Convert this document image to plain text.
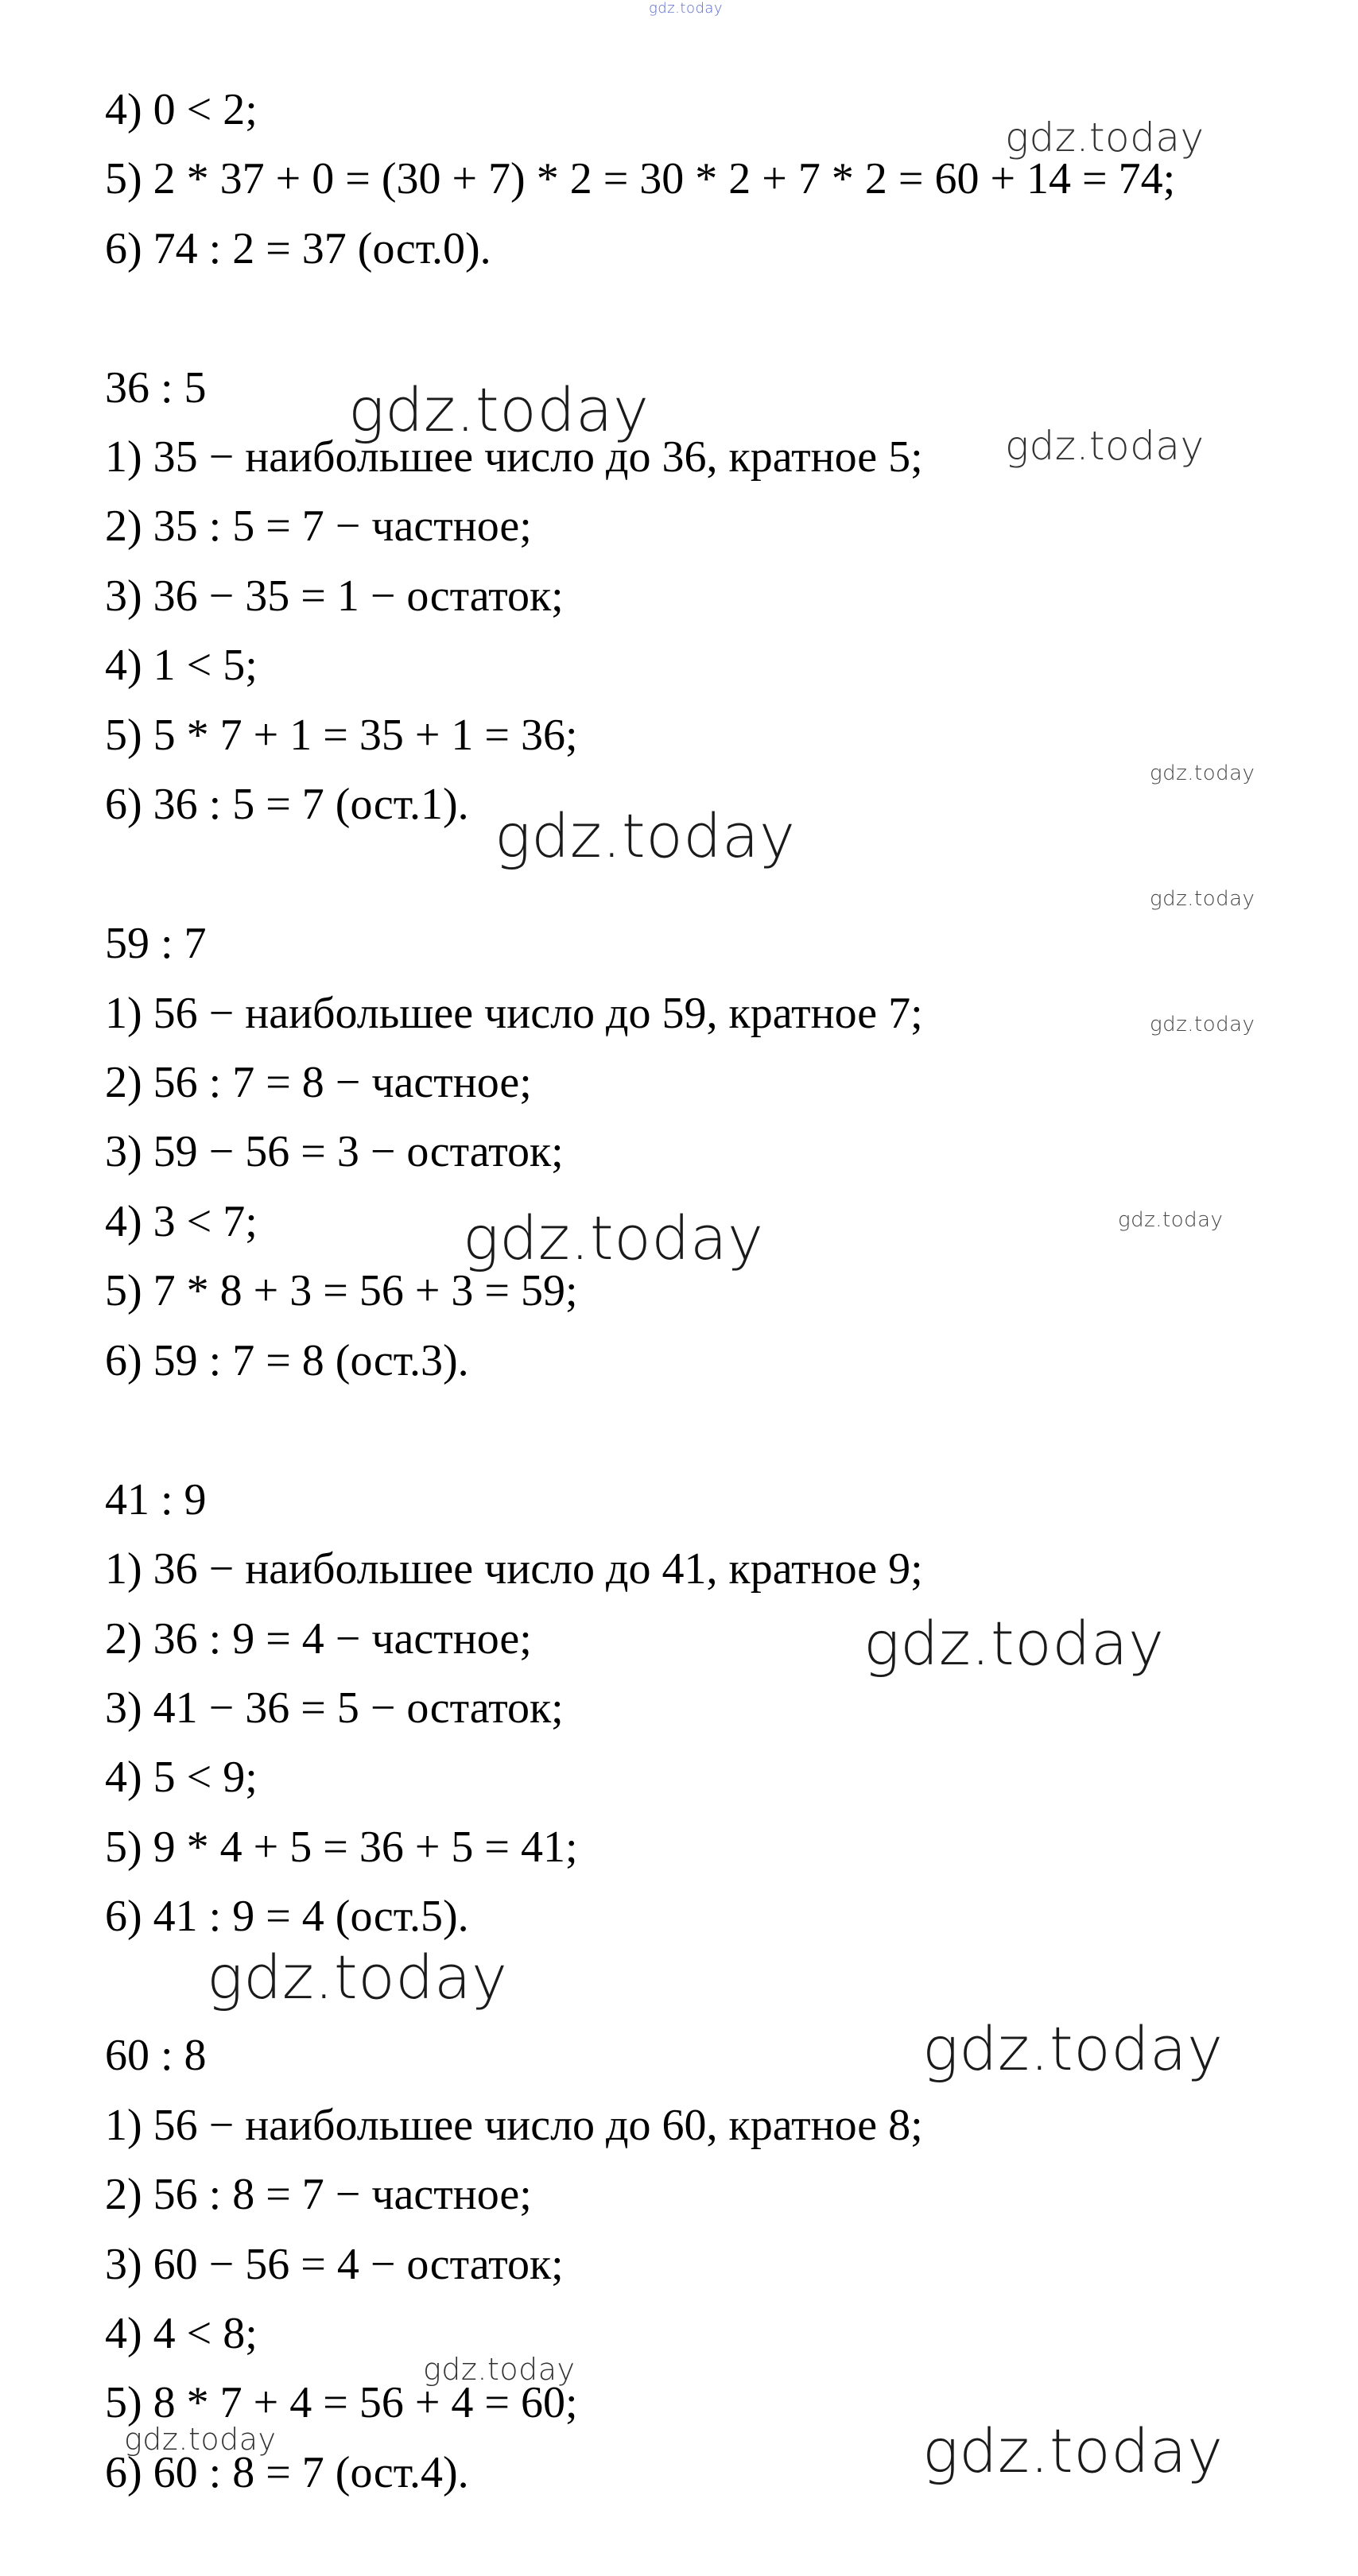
gdz.today
gdz.today
gdz.today
gdz.today
gdz.today
gdz.today
gdz.today
gdz.today
gdz.today
gdz.today
gdz.today
gdz.today
gdz.today
gdz.today
gdz.today	gdz.today
4) 0 < 2;
5) 2 * 37 + 0 = (30 + 7) * 2 = 30 * 2 + 7 * 2 = 60 + 14 = 74;
6) 74 : 2 = 37 (ост.0).
36 : 5
1) 35 − наибольшее число до 36, кратное 5;
2) 35 : 5 = 7 − частное;
3) 36 − 35 = 1 − остаток;
4) 1 < 5;
5) 5 * 7 + 1 = 35 + 1 = 36;
6) 36 : 5 = 7 (ост.1).
59 : 7
1) 56 − наибольшее число до 59, кратное 7;
2) 56 : 7 = 8 − частное;
3) 59 − 56 = 3 − остаток;
4) 3 < 7;
5) 7 * 8 + 3 = 56 + 3 = 59;
6) 59 : 7 = 8 (ост.3).
41 : 9
1) 36 − наибольшее число до 41, кратное 9;
2) 36 : 9 = 4 − частное;
3) 41 − 36 = 5 − остаток;
4) 5 < 9;
5) 9 * 4 + 5 = 36 + 5 = 41;
6) 41 : 9 = 4 (ост.5).
60 : 8
1) 56 − наибольшее число до 60, кратное 8;
2) 56 : 8 = 7 − частное;
3) 60 − 56 = 4 − остаток;
4) 4 < 8;
5) 8 * 7 + 4 = 56 + 4 = 60;
6) 60 : 8 = 7 (ост.4).
